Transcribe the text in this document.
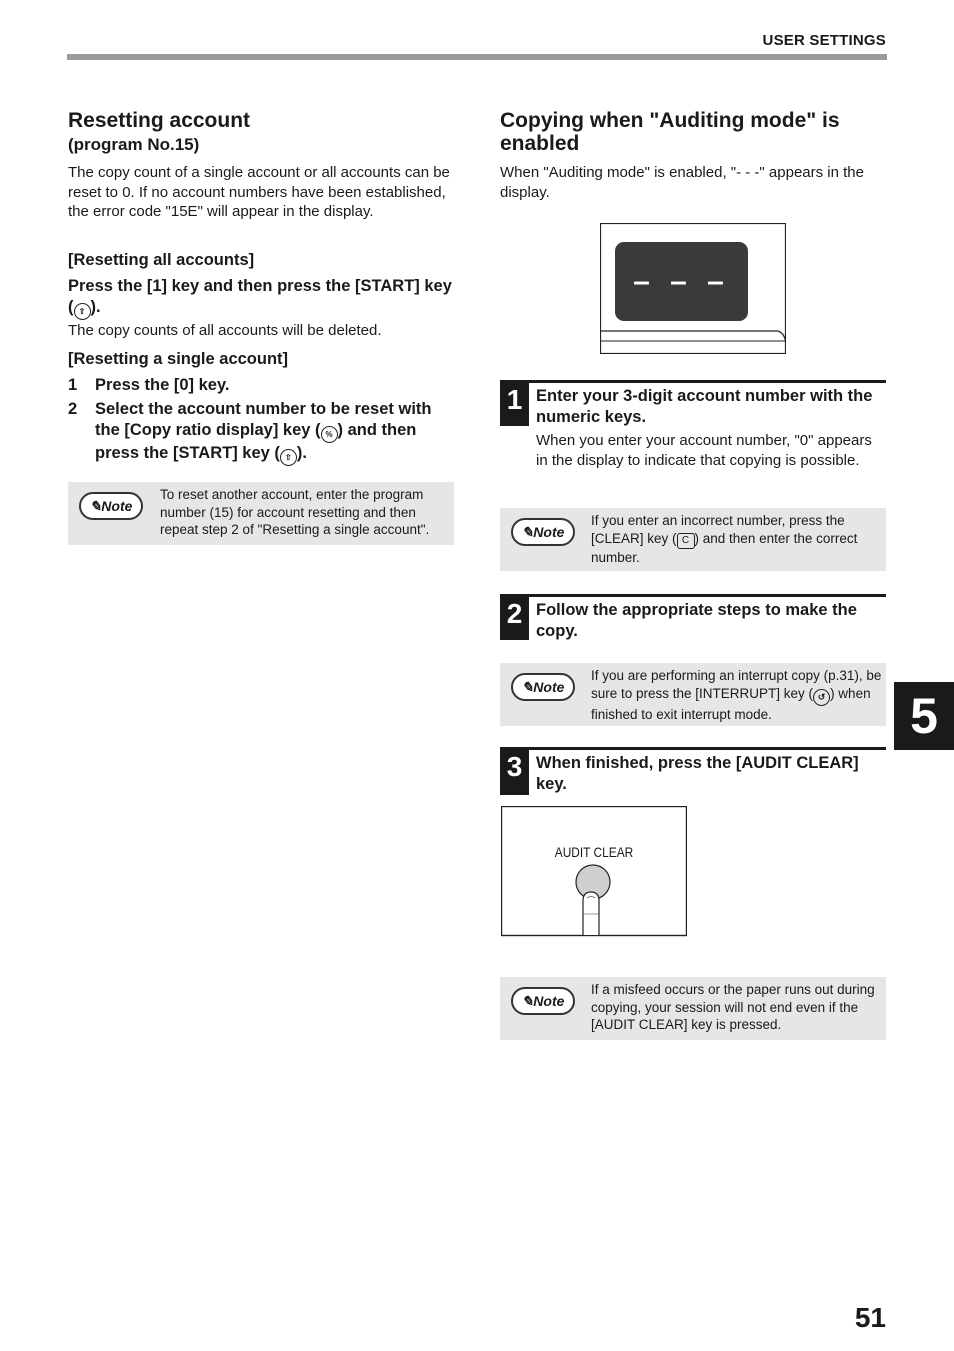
USER SETTINGS
Resetting account
(program No.15)
The copy count of a single account or all accounts can be reset to 0. If no account numbers have been established, the error code "15E" will appear in the display.
[Resetting all accounts]
Press the [1] key and then press the [START] key ( ⇧ ).
The copy counts of all accounts will be deleted.
[Resetting a single account]
1 Press the [0] key.
2 Select the account number to be reset with the [Copy ratio display] key ( % ) and then press the [START] key ( ⇧ ).
✎Note
To reset another account, enter the program number (15) for account resetting and then repeat step 2 of "Resetting a single account".
Copying when "Auditing mode" is enabled
When "Auditing mode" is enabled, "- - -" appears in the display.
– – –
1 Enter your 3-digit account number with the numeric keys.
When you enter your account number, "0" appears in the display to indicate that copying is possible.
✎Note
If you enter an incorrect number, press the [CLEAR] key ( C ) and then enter the correct number.
2 Follow the appropriate steps to make the copy.
✎Note
If you are performing an interrupt copy (p.31), be sure to press the [INTERRUPT] key ( ↺ ) when finished to exit interrupt mode.
3 When finished, press the [AUDIT CLEAR] key.
AUDIT CLEAR
✎Note
If a misfeed occurs or the paper runs out during copying, your session will not end even if the [AUDIT CLEAR] key is pressed.
5
51
